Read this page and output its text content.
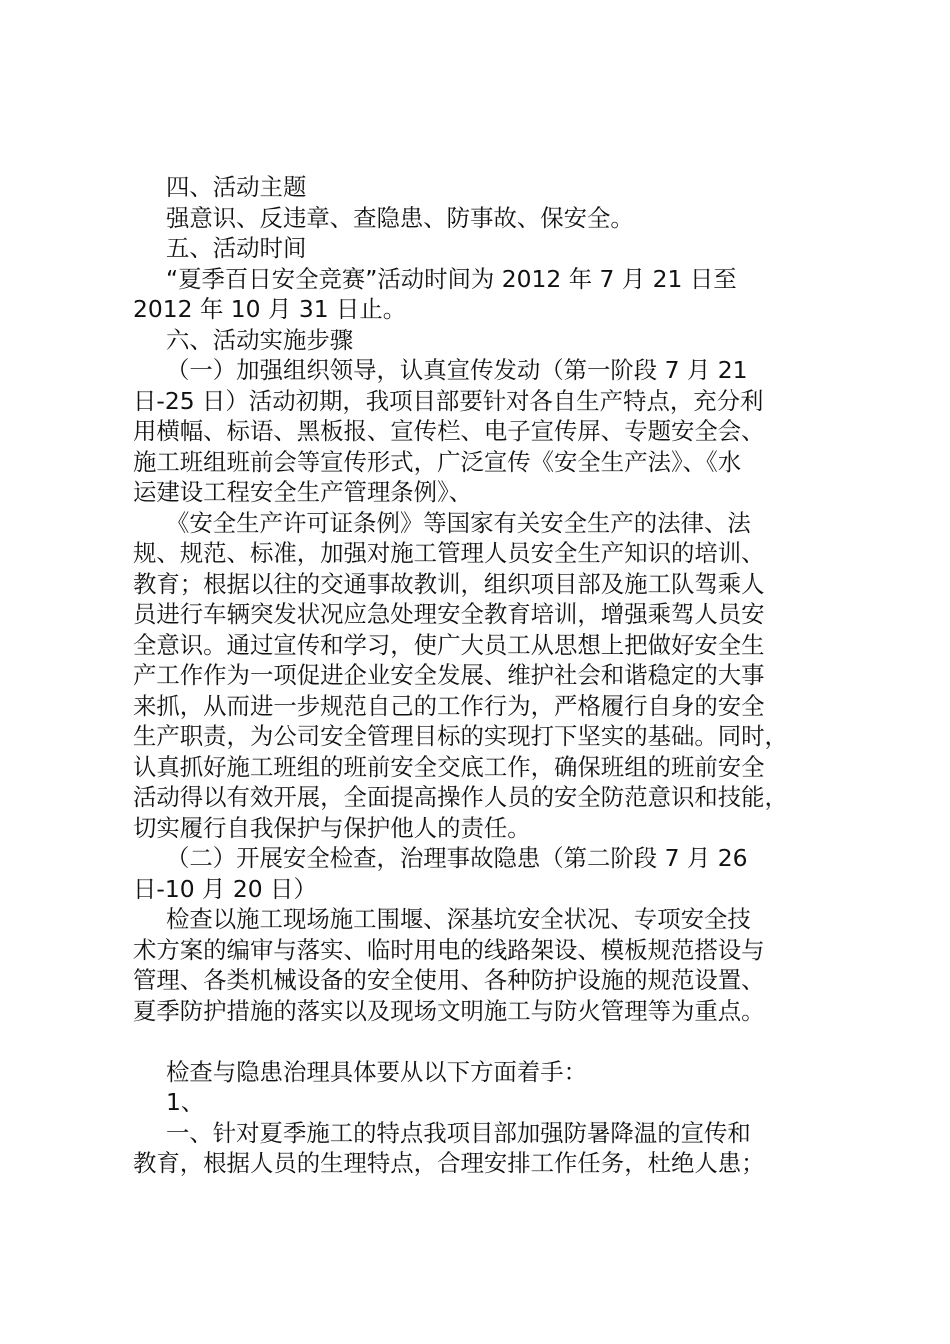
四、活动主题
强意识、反违章、查隐患、防事故、保安全。
五、活动时间
“夏季百日安全竞赛”活动时间为 2012 年 7 月 21 日至
2012 年 10 月 31 日止。
六、活动实施步骤
（一）加强组织领导，认真宣传发动（第一阶段 7 月 21
日-25 日）活动初期，我项目部要针对各自生产特点，充分利
用横幅、标语、黑板报、宣传栏、电子宣传屏、专题安全会、
施工班组班前会等宣传形式，广泛宣传《安全生产法》、《水
运建设工程安全生产管理条例》、
《安全生产许可证条例》等国家有关安全生产的法律、法
规、规范、标准，加强对施工管理人员安全生产知识的培训、
教育；根据以往的交通事故教训，组织项目部及施工队驾乘人
员进行车辆突发状况应急处理安全教育培训，增强乘驾人员安
全意识。通过宣传和学习，使广大员工从思想上把做好安全生
产工作作为一项促进企业安全发展、维护社会和谐稳定的大事
来抓，从而进一步规范自己的工作行为，严格履行自身的安全
生产职责，为公司安全管理目标的实现打下坚实的基础。同时，
认真抓好施工班组的班前安全交底工作，确保班组的班前安全
活动得以有效开展，全面提高操作人员的安全防范意识和技能，
切实履行自我保护与保护他人的责任。
（二）开展安全检查，治理事故隐患（第二阶段 7 月 26
日-10 月 20 日）
检查以施工现场施工围堰、深基坑安全状况、专项安全技
术方案的编审与落实、临时用电的线路架设、模板规范搭设与
管理、各类机械设备的安全使用、各种防护设施的规范设置、
夏季防护措施的落实以及现场文明施工与防火管理等为重点。
检查与隐患治理具体要从以下方面着手：
1、
一、针对夏季施工的特点我项目部加强防暑降温的宣传和
教育，根据人员的生理特点，合理安排工作任务，杜绝人患；
